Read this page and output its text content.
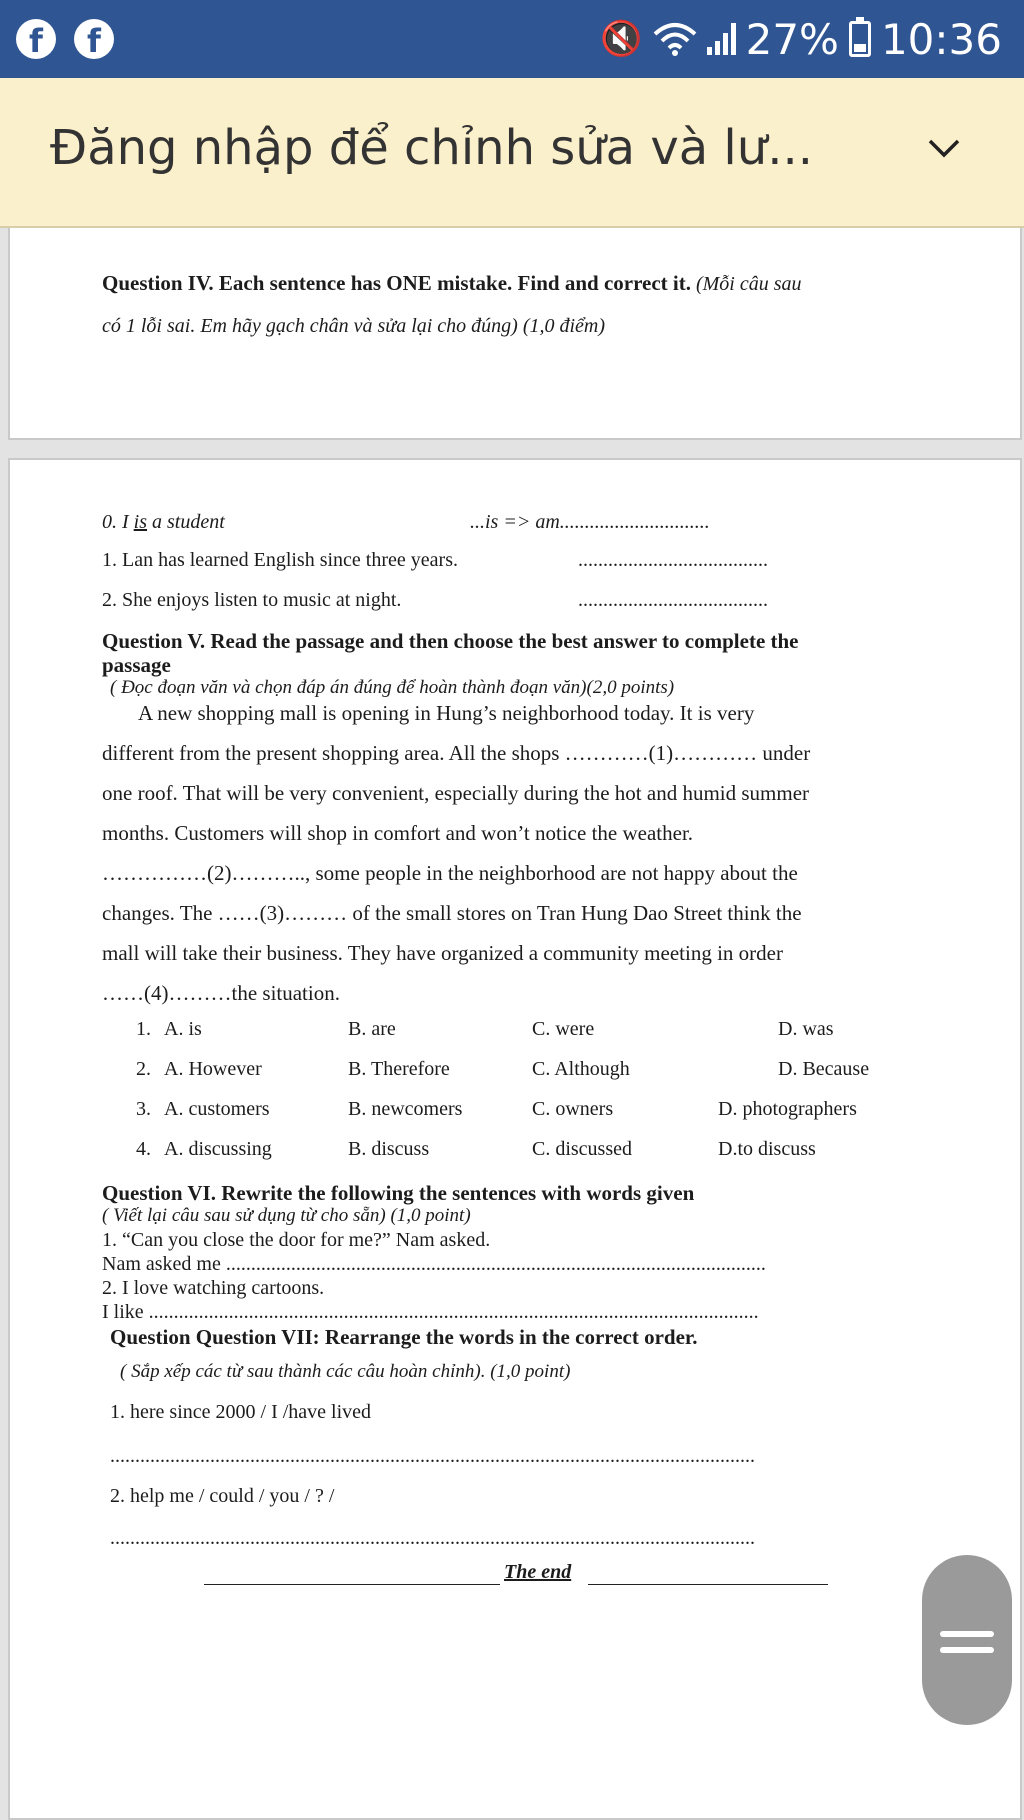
f	f	🔇 27% 10:36
Đăng nhập để chỉnh sửa và lư...
Question IV. Each sentence has ONE mistake. Find and correct it. (Mỗi câu sau
có 1 lỗi sai. Em hãy gạch chân và sửa lại cho đúng) (1,0 điểm)
0. I is a student	...is => am..............................
1. Lan has learned English since three years.	......................................
2. She enjoys listen to music at night.	......................................
Question V. Read the passage and then choose the best answer to complete the
passage
( Đọc đoạn văn và chọn đáp án đúng để hoàn thành đoạn văn)(2,0 points)
A new shopping mall is opening in Hung’s neighborhood today. It is very
different from the present shopping area. All the shops …………(1)………… under
one roof. That will be very convenient, especially during the hot and humid summer
months. Customers will shop in comfort and won’t notice the weather.
……………(2)……….., some people in the neighborhood are not happy about the
changes. The ……(3)……… of the small stores on Tran Hung Dao Street think the
mall will take their business. They have organized a community meeting in order
……(4)………the situation.
1. A. is	B. are	C. were	D. was
2. A. However	B. Therefore	C. Although	D. Because
3. A. customers	B. newcomers	C. owners	D. photographers
4. A. discussing	B. discuss	C. discussed	D.to discuss
Question VI. Rewrite the following the sentences with words given
( Viết lại câu sau sử dụng từ cho sẵn) (1,0 point)
1. “Can you close the door for me?” Nam asked.
Nam asked me ............................................................................................................
2. I love watching cartoons.
I like ..........................................................................................................................
Question Question VII: Rearrange the words in the correct order.
( Sắp xếp các từ sau thành các câu hoàn chỉnh). (1,0 point)
1. here since 2000 / I /have lived
.................................................................................................................................
2. help me / could / you / ? /
.................................................................................................................................
The end
